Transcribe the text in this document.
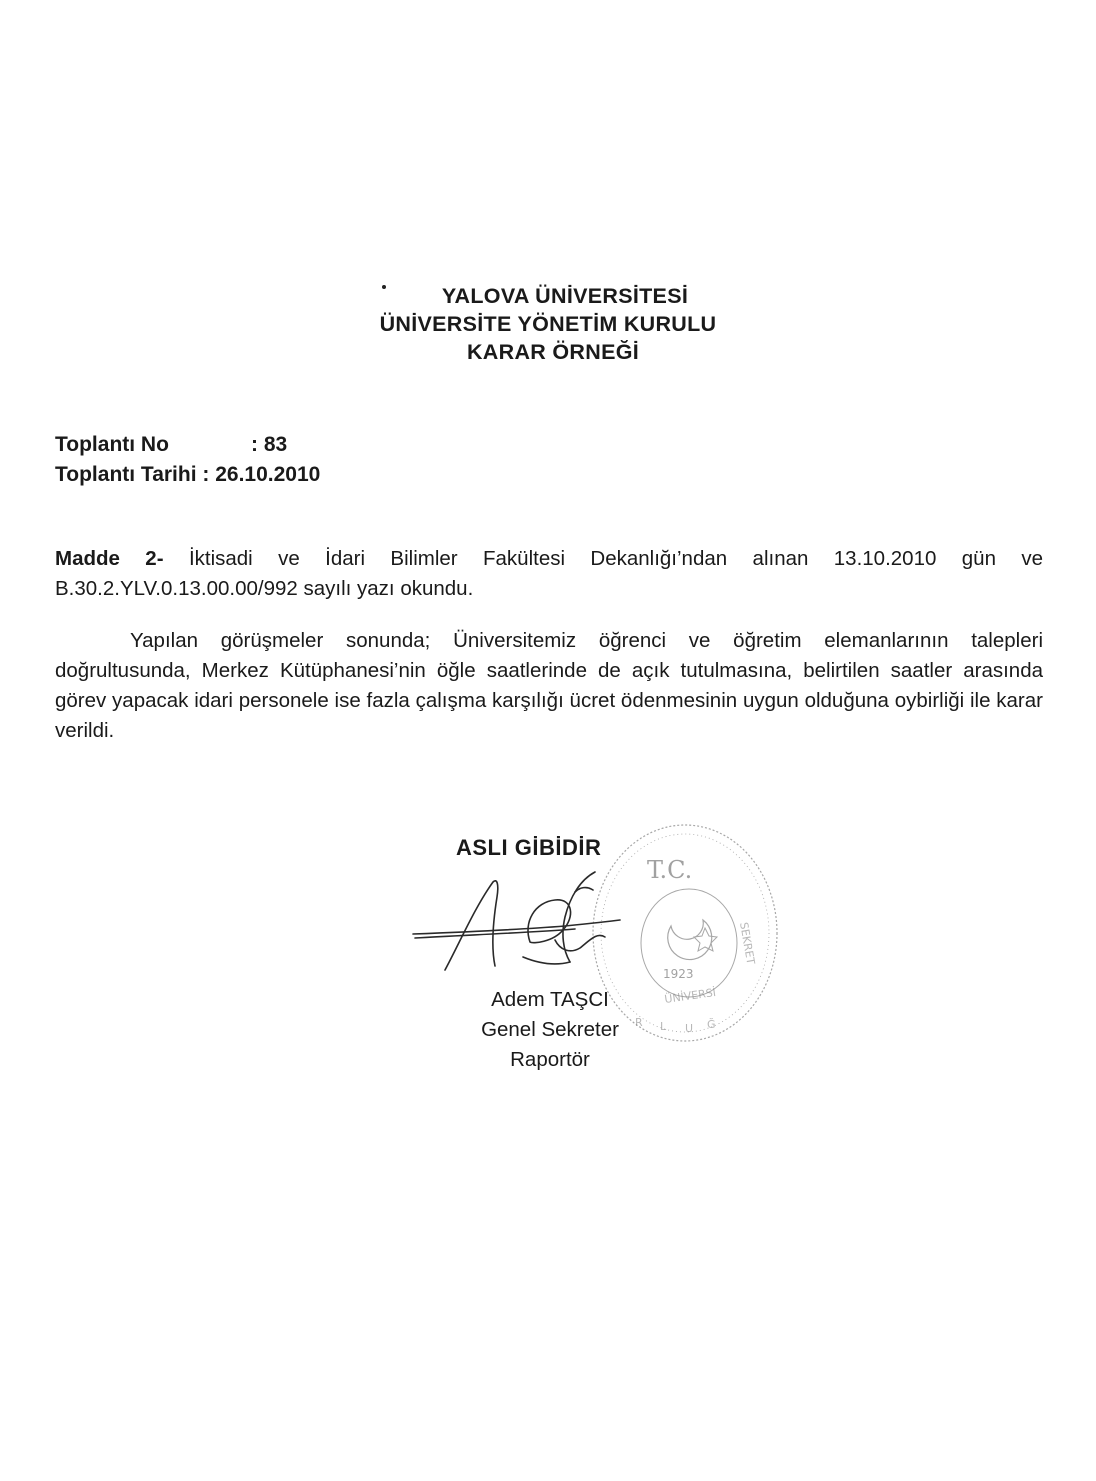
YALOVA ÜNİVERSİTESİ
ÜNİVERSİTE YÖNETİM KURULU
KARAR ÖRNEĞİ
Toplantı No	: 83
Toplantı Tarihi
: 26.10.2010
Madde 2- İktisadi ve İdari Bilimler Fakültesi Dekanlığı’ndan alınan 13.10.2010 gün ve B.30.2.YLV.0.13.00.00/992 sayılı yazı okundu.
Yapılan görüşmeler sonunda; Üniversitemiz öğrenci ve öğretim elemanlarının talepleri doğrultusunda, Merkez Kütüphanesi’nin öğle saatlerinde de açık tutulmasına, belirtilen saatler arasında görev yapacak idari personele ise fazla çalışma karşılığı ücret ödenmesinin uygun olduğuna oybirliği ile karar verildi.
T.C.
1923
ÜNİVERSİ
R L U Ğ
SEKRET
ASLI GİBİDİR
Adem TAŞCI
Genel Sekreter
Raportör
